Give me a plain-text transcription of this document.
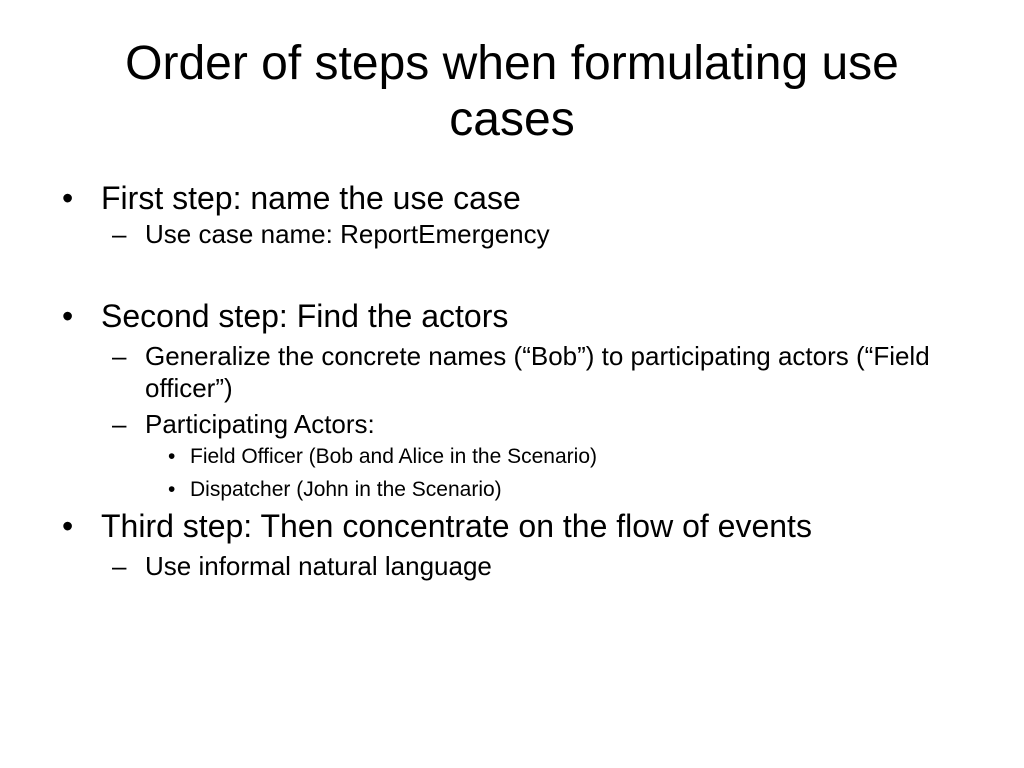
Order of steps when formulating use cases
• First step: name the use case
– Use case name: ReportEmergency
• Second step: Find the actors
– Generalize the concrete names (“Bob”) to participating actors (“Field officer”)
– Participating Actors:
• Field Officer (Bob and Alice in the Scenario)
• Dispatcher (John in the Scenario)
• Third step: Then concentrate on the flow of events
– Use informal natural language
